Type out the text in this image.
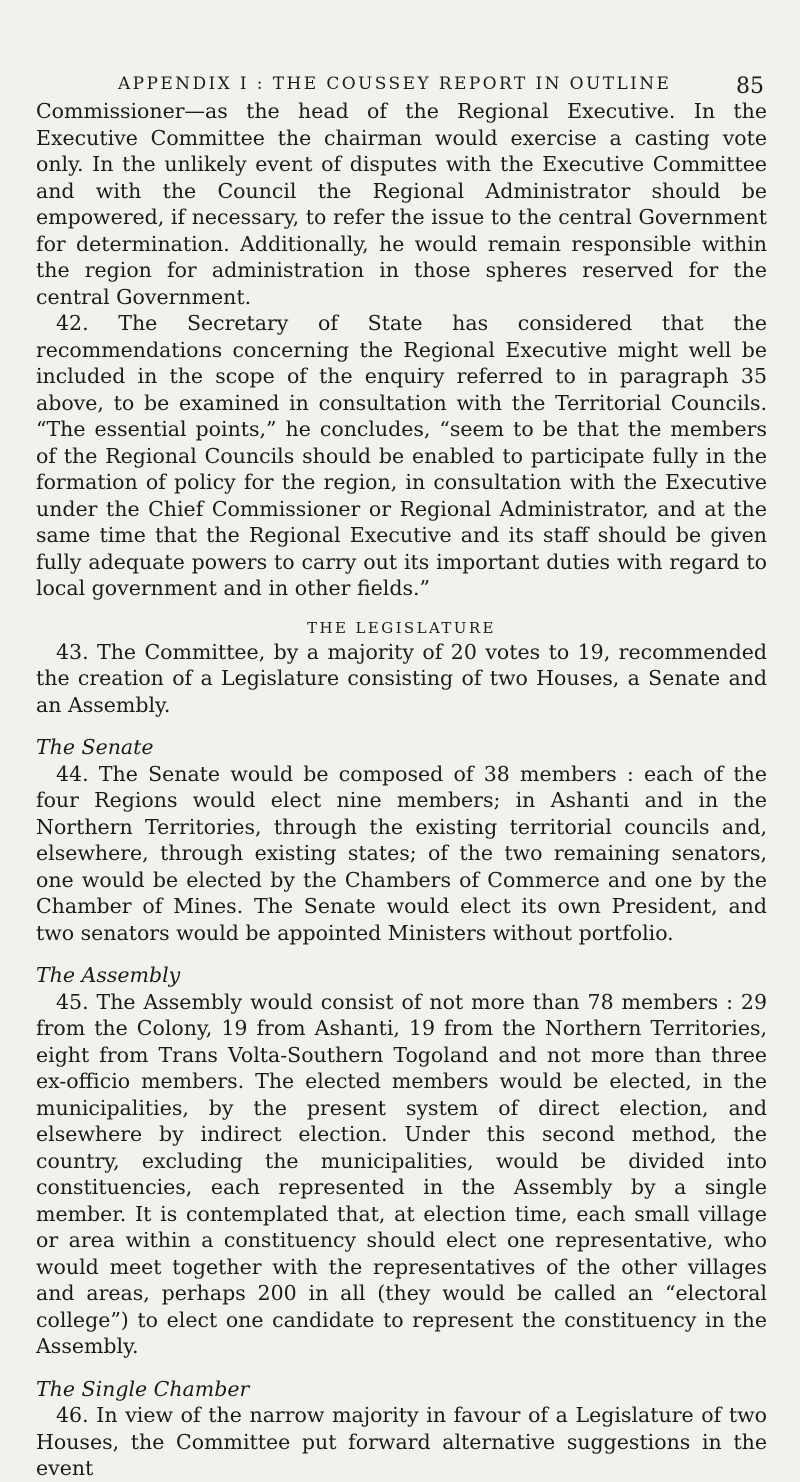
APPENDIX I : THE COUSSEY REPORT IN OUTLINE	85

Commissioner—as the head of the Regional Executive. In the Executive Committee the chairman would exercise a casting vote only. In the unlikely event of disputes with the Executive Committee and with the Council the Regional Administrator should be empowered, if necessary, to refer the issue to the central Government for determination. Additionally, he would remain responsible within the region for administration in those spheres reserved for the central Government.

42. The Secretary of State has considered that the recommendations concerning the Regional Executive might well be included in the scope of the enquiry referred to in paragraph 35 above, to be examined in consultation with the Territorial Councils. “The essential points,” he concludes, “seem to be that the members of the Regional Councils should be enabled to participate fully in the formation of policy for the region, in consultation with the Executive under the Chief Commissioner or Regional Administrator, and at the same time that the Regional Executive and its staff should be given fully adequate powers to carry out its important duties with regard to local government and in other fields.”

THE LEGISLATURE

43. The Committee, by a majority of 20 votes to 19, recommended the creation of a Legislature consisting of two Houses, a Senate and an Assembly.

The Senate

44. The Senate would be composed of 38 members : each of the four Regions would elect nine members; in Ashanti and in the Northern Territories, through the existing territorial councils and, elsewhere, through existing states; of the two remaining senators, one would be elected by the Chambers of Commerce and one by the Chamber of Mines. The Senate would elect its own President, and two senators would be appointed Ministers without portfolio.

The Assembly

45. The Assembly would consist of not more than 78 members : 29 from the Colony, 19 from Ashanti, 19 from the Northern Territories, eight from Trans Volta-Southern Togoland and not more than three ex-officio members. The elected members would be elected, in the municipalities, by the present system of direct election, and elsewhere by indirect election. Under this second method, the country, excluding the municipalities, would be divided into constituencies, each represented in the Assembly by a single member. It is contemplated that, at election time, each small village or area within a constituency should elect one representative, who would meet together with the representatives of the other villages and areas, perhaps 200 in all (they would be called an “electoral college”) to elect one candidate to represent the constituency in the Assembly.

The Single Chamber

46. In view of the narrow majority in favour of a Legislature of two Houses, the Committee put forward alternative suggestions in the event
